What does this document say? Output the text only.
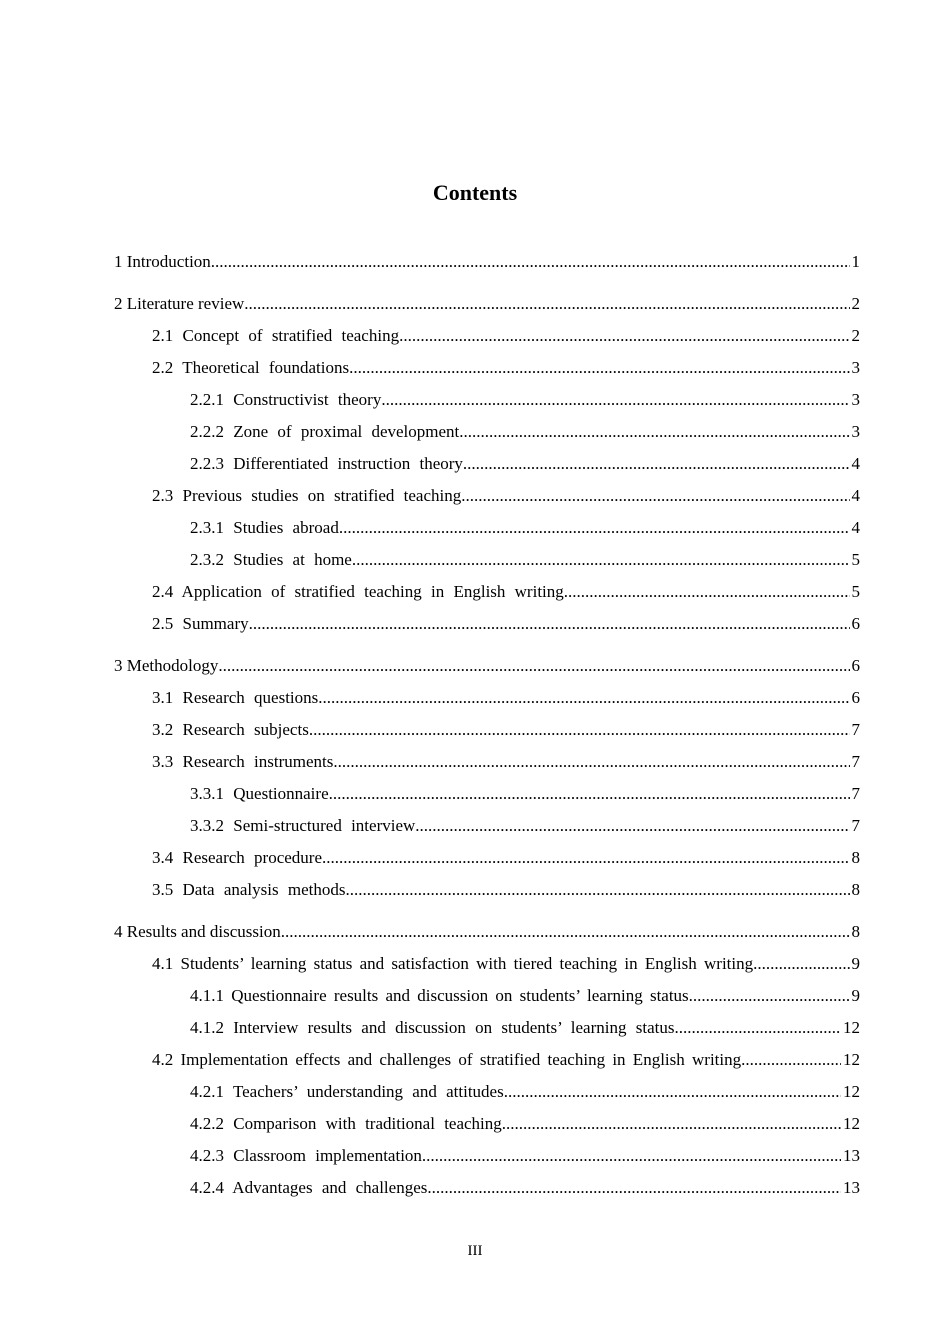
Contents
1 Introduction .....	1
2 Literature review .....	2
2.1 Concept of stratified teaching .....	2
2.2 Theoretical foundations .....	3
2.2.1 Constructivist theory .....	3
2.2.2 Zone of proximal development .....	3
2.2.3 Differentiated instruction theory .....	4
2.3 Previous studies on stratified teaching .....	4
2.3.1 Studies abroad .....	4
2.3.2 Studies at home .....	5
2.4 Application of stratified teaching in English writing .....	5
2.5 Summary .....	6
3 Methodology .....	6
3.1 Research questions .....	6
3.2 Research subjects .....	7
3.3 Research instruments .....	7
3.3.1 Questionnaire .....	7
3.3.2 Semi-structured interview .....	7
3.4 Research procedure .....	8
3.5 Data analysis methods .....	8
4 Results and discussion .....	8
4.1 Students’ learning status and satisfaction with tiered teaching in English writing .....	9
4.1.1 Questionnaire results and discussion on students’ learning status .....	9
4.1.2 Interview results and discussion on students’ learning status .....	12
4.2 Implementation effects and challenges of stratified teaching in English writing .....	12
4.2.1 Teachers’ understanding and attitudes .....	12
4.2.2 Comparison with traditional teaching .....	12
4.2.3 Classroom implementation .....	13
4.2.4 Advantages and challenges .....	13
III
